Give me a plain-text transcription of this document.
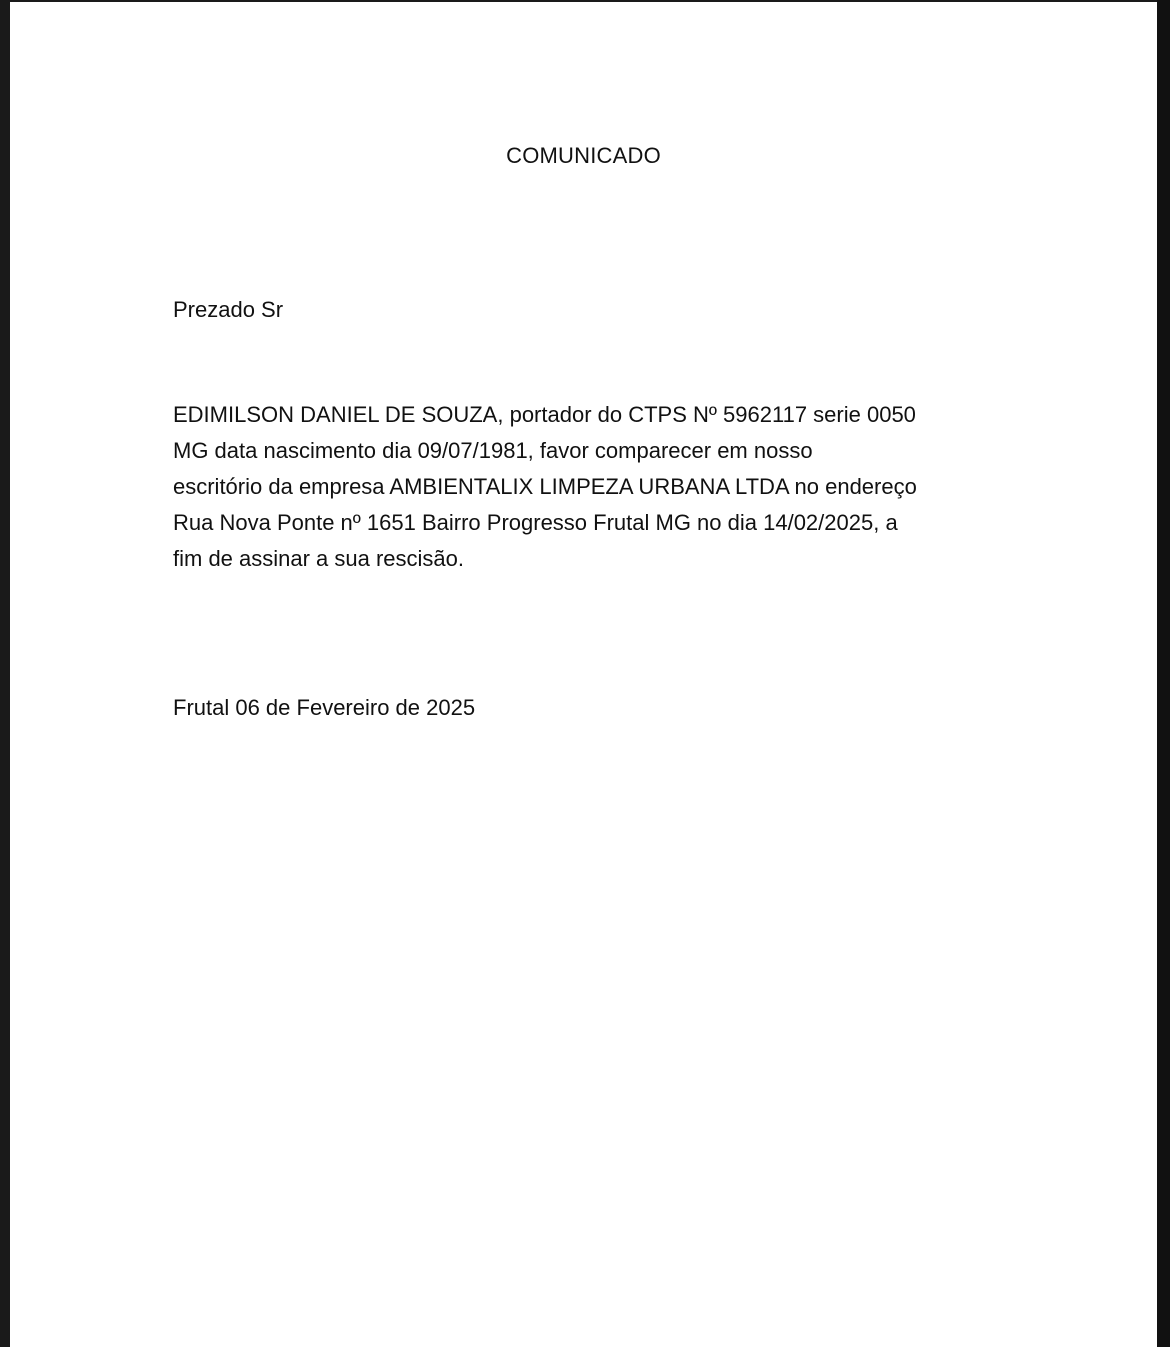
COMUNICADO
Prezado Sr
EDIMILSON DANIEL DE SOUZA, portador do CTPS Nº 5962117 serie 0050
MG data nascimento dia 09/07/1981, favor comparecer em nosso
escritório da empresa AMBIENTALIX LIMPEZA URBANA LTDA no endereço
Rua Nova Ponte nº 1651 Bairro Progresso Frutal MG no dia 14/02/2025, a
fim de assinar a sua rescisão.
Frutal 06 de Fevereiro de 2025
